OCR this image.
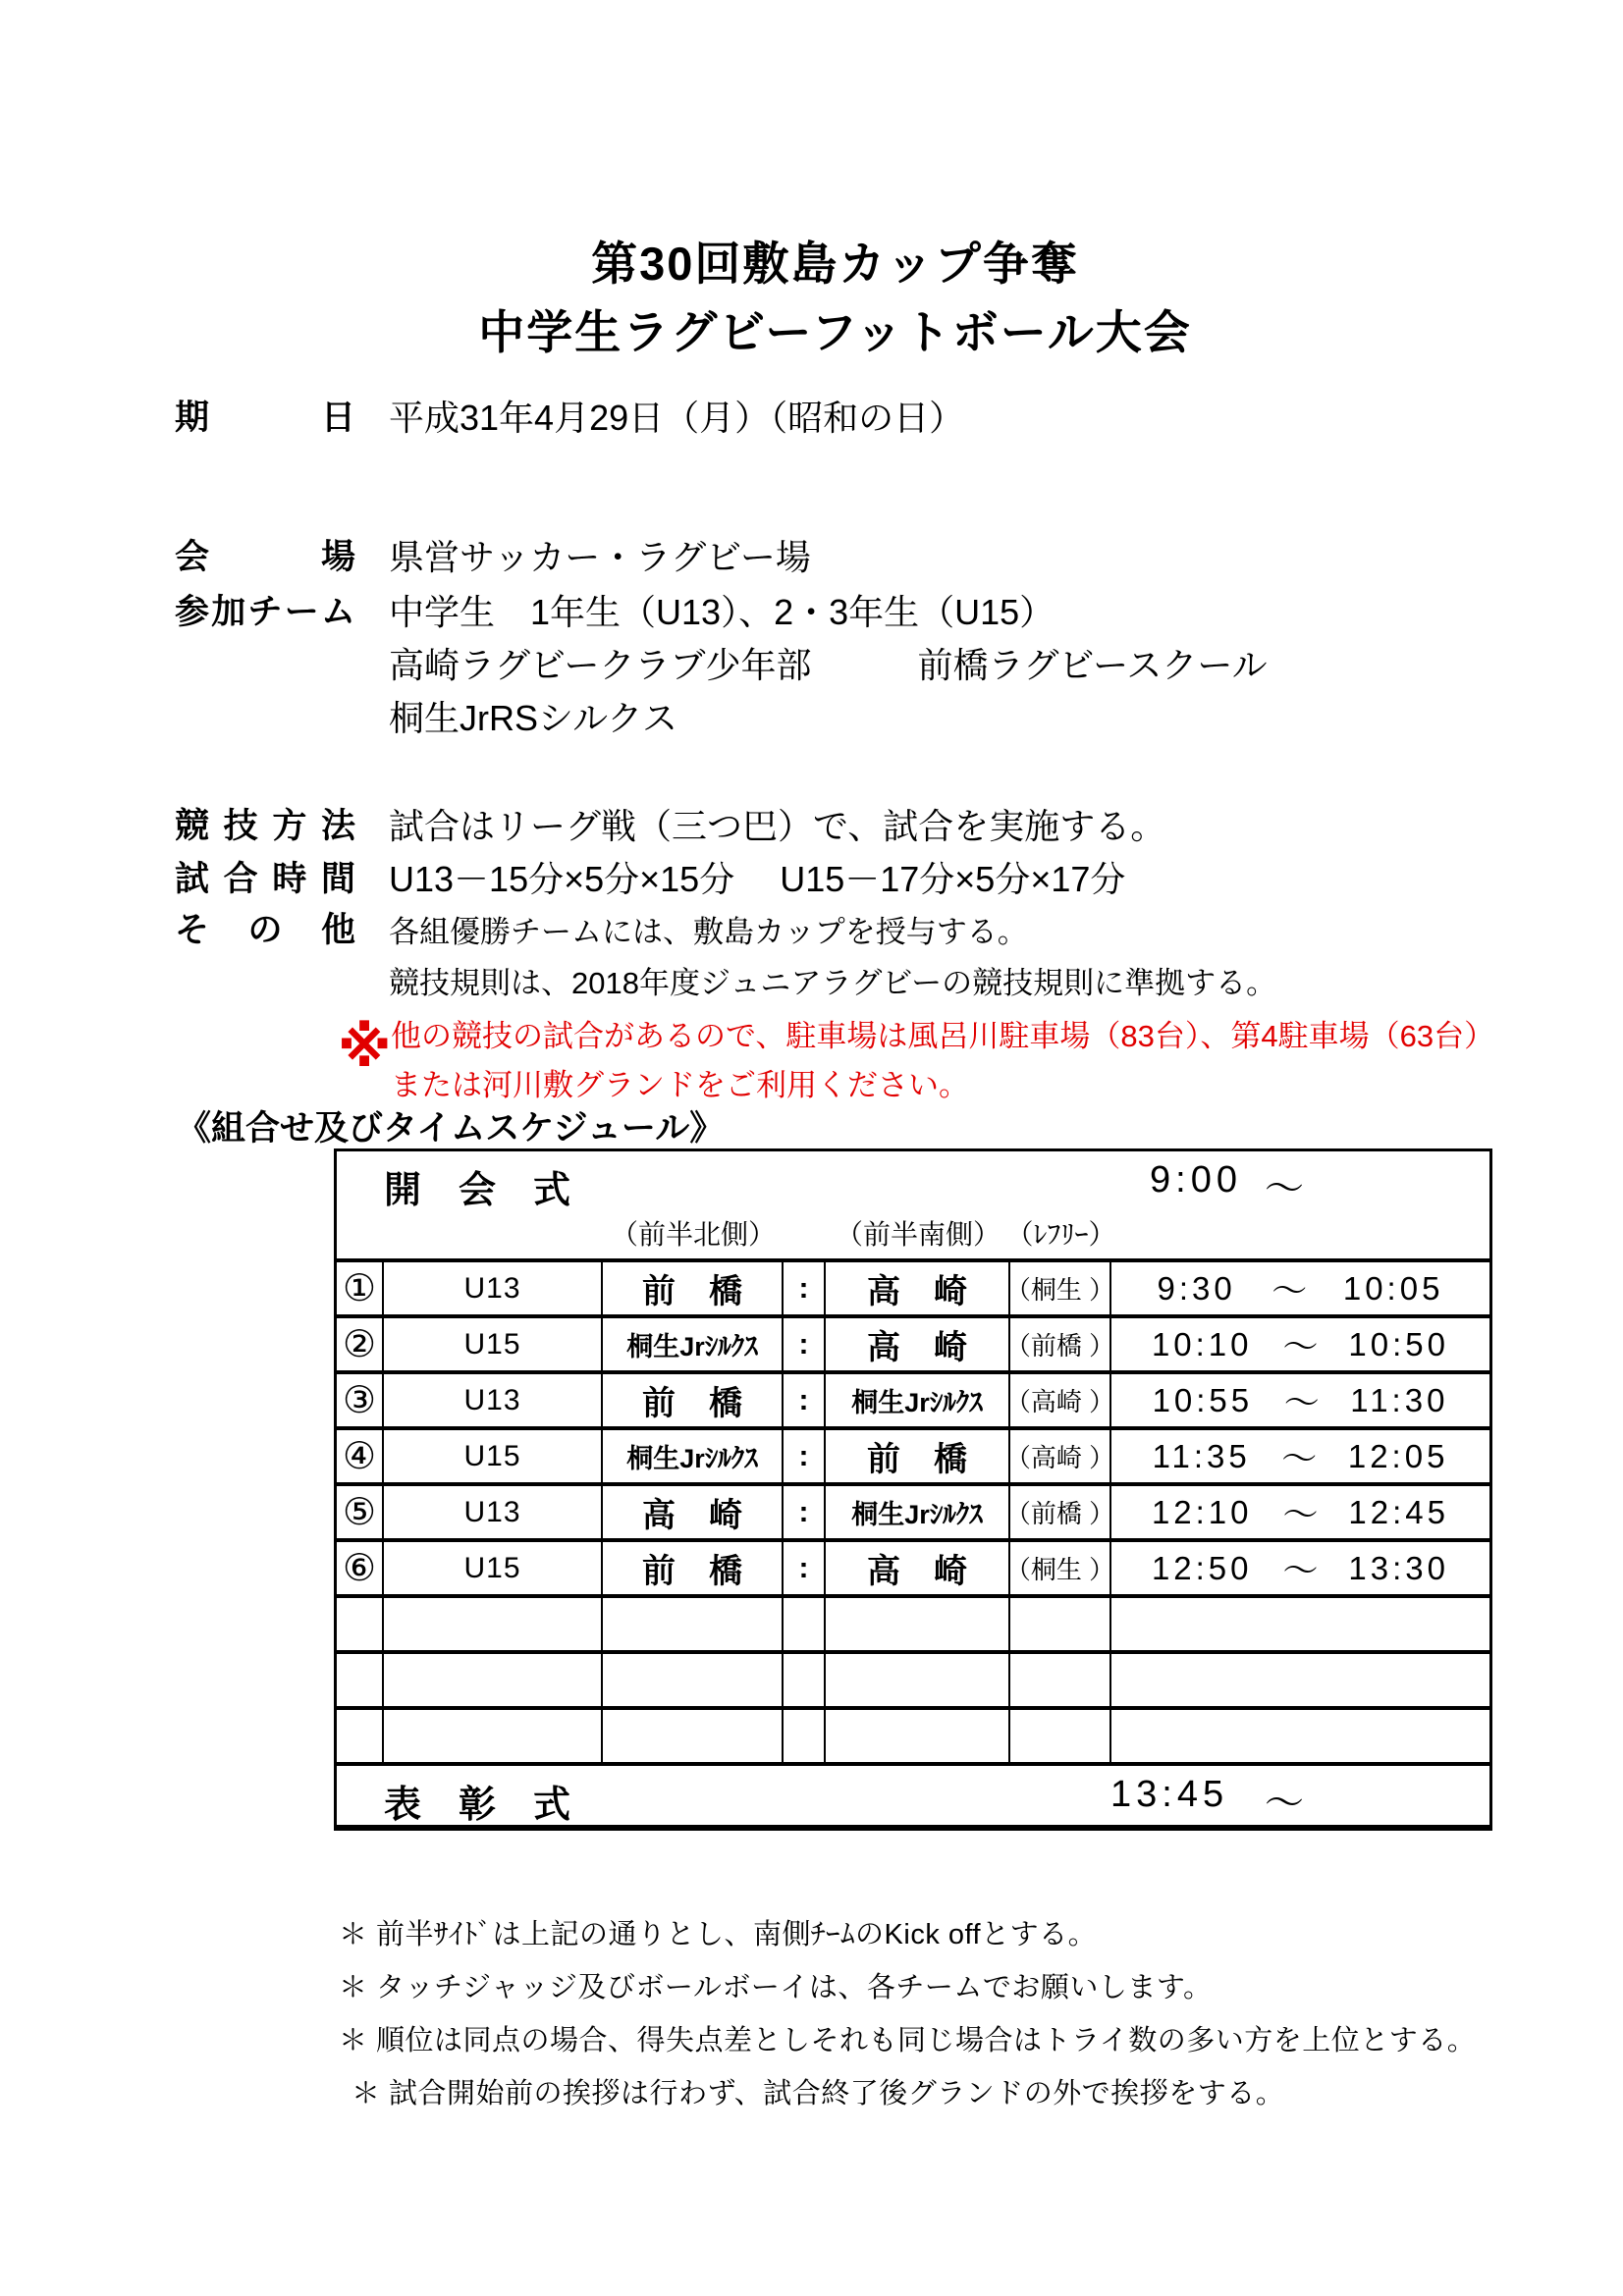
第30回敷島カップ争奪
中学生ラグビーフットボール大会
期日 平成31年4月29日（月）（昭和の日）
会場 県営サッカー・ラグビー場
参加チーム 中学生　1年生（U13）、2・3年生（U15）
高崎ラグビークラブ少年部　　　前橋ラグビースクール
桐生JrRSシルクス
競技方法 試合はリーグ戦（三つ巴）で、試合を実施する。
試合時間 U13－15分×5分×15分　 U15－17分×5分×17分
その他 各組優勝チームには、敷島カップを授与する。
競技規則は、2018年度ジュニアラグビーの競技規則に準拠する。
※ 他の競技の試合があるので、駐車場は風呂川駐車場（83台）、第4駐車場（63台）
または河川敷グランドをご利用ください。
《組合せ及びタイムスケジュール》
開　会　式	9:00 ～
（前半北側）	（前半南側） （ﾚﾌﾘｰ）
①	U13	前　橋	:	高　崎	（桐生 ） 9:30 ～ 10:05
②	U15	桐生Jrｼﾙｸｽ	:	高　崎	（前橋 ） 10:10 ～ 10:50
③	U13	前　橋	:	桐生Jrｼﾙｸｽ （高崎 ） 10:55 ～ 11:30
④	U15	桐生Jrｼﾙｸｽ	:	前　橋	（高崎 ） 11:35 ～ 12:05
⑤	U13	高　崎	:	桐生Jrｼﾙｸｽ （前橋 ） 12:10 ～ 12:45
⑥	U15	前　橋	:	高　崎	（桐生 ） 12:50 ～ 13:30
表　彰　式	13:45 ～
＊ 前半ｻｲﾄﾞは上記の通りとし、南側ﾁｰﾑのKick offとする。
＊ タッチジャッジ及びボールボーイは、各チームでお願いします。
＊ 順位は同点の場合、得失点差としそれも同じ場合はトライ数の多い方を上位とする。
＊ 試合開始前の挨拶は行わず、試合終了後グランドの外で挨拶をする。
